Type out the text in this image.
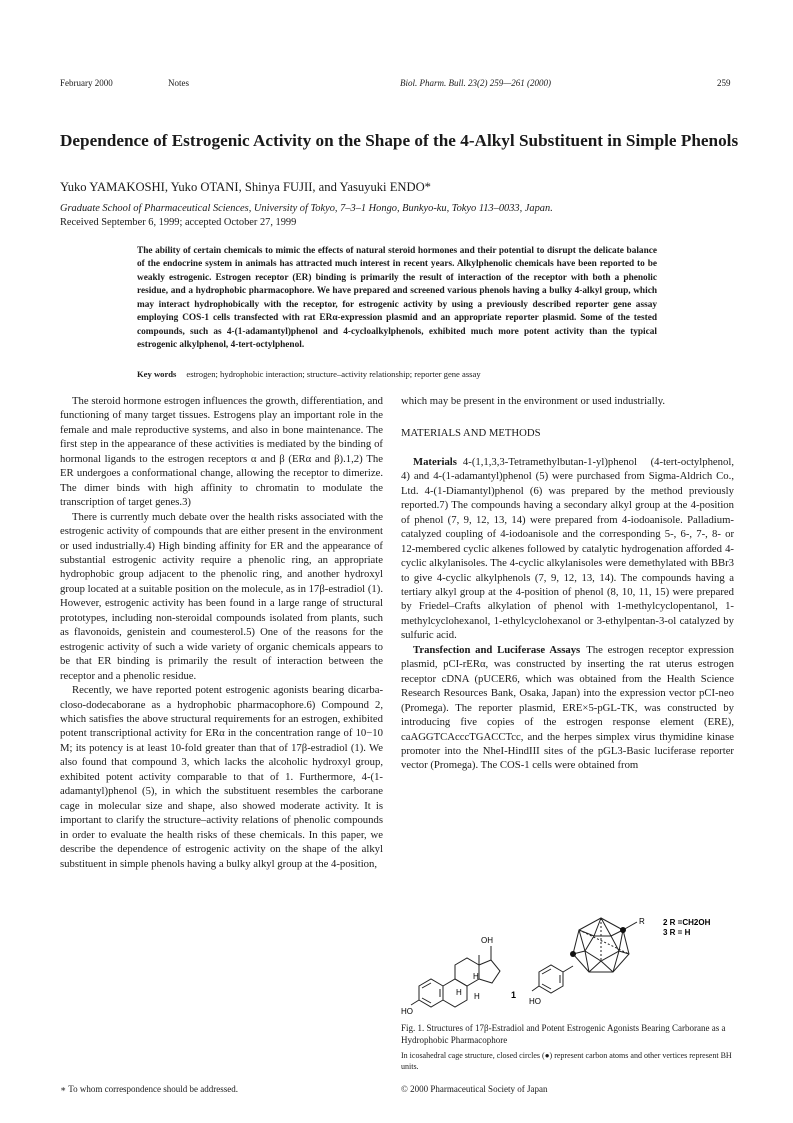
February 2000	Notes	Biol. Pharm. Bull. 23(2) 259—261 (2000)	259
Dependence of Estrogenic Activity on the Shape of the 4-Alkyl Substituent in Simple Phenols
Yuko YAMAKOSHI, Yuko OTANI, Shinya FUJII, and Yasuyuki ENDO*
Graduate School of Pharmaceutical Sciences, University of Tokyo, 7–3–1 Hongo, Bunkyo-ku, Tokyo 113–0033, Japan.
Received September 6, 1999; accepted October 27, 1999
The ability of certain chemicals to mimic the effects of natural steroid hormones and their potential to disrupt the delicate balance of the endocrine system in animals has attracted much interest in recent years. Alkylphenolic chemicals have been reported to be weakly estrogenic. Estrogen receptor (ER) binding is primarily the result of interaction of the receptor with both a phenolic residue, and a hydrophobic pharmacophore. We have prepared and screened various phenols having a bulky 4-alkyl group, which may interact hydrophobically with the receptor, for estrogenic activity by using a previously described reporter gene assay employing COS-1 cells transfected with rat ERα-expression plasmid and an appropriate reporter plasmid. Some of the tested compounds, such as 4-(1-adamantyl)phenol and 4-cycloalkylphenols, exhibited much more potent activity than the typical estrogenic alkylphenol, 4-tert-octylphenol.
Key words estrogen; hydrophobic interaction; structure–activity relationship; reporter gene assay

The steroid hormone estrogen influences the growth, differentiation, and functioning of many target tissues. Estrogens play an important role in the female and male reproductive systems, and also in bone maintenance. The first step in the appearance of these activities is mediated by the binding of hormonal ligands to the estrogen receptors α and β (ERα and β).1,2) The ER undergoes a conformational change, allowing the receptor to dimerize. The dimer binds with high affinity to chromatin to modulate the transcription of target genes.3)

There is currently much debate over the health risks associated with the estrogenic activity of compounds that are either present in the environment or used industrially.4) High binding affinity for ER and the appearance of substantial estrogenic activity require a phenolic ring, an appropriate hydrophobic group adjacent to the phenolic ring, and another hydroxyl group located at a suitable position on the molecule, as in 17β-estradiol (1). However, estrogenic activity has been found in a large range of structural prototypes, including non-steroidal compounds isolated from plants, such as flavonoids, genistein and coumesterol.5) One of the reasons for the estrogenic activity of such a wide variety of organic chemicals appears to be that ER binding is primarily the result of interaction between the receptor and a phenolic residue.

Recently, we have reported potent estrogenic agonists bearing dicarba-closo-dodecaborane as a hydrophobic pharmacophore.6) Compound 2, which satisfies the above structural requirements for an estrogen, exhibited potent transcriptional activity for ERα in the concentration range of 10−10 M; its potency is at least 10-fold greater than that of 17β-estradiol (1). We also found that compound 3, which lacks the alcoholic hydroxyl group, exhibited potent activity comparable to that of 1. Furthermore, 4-(1-adamantyl)phenol (5), in which the substituent resembles the carborane cage in molecular size and shape, also showed moderate activity. It is important to clarify the structure–activity relations of phenolic compounds in order to evaluate the health risks of these chemicals. In this paper, we describe the dependence of estrogenic activity on the shape of the alkyl substituent in simple phenols having a bulky alkyl group at the 4-position,

which may be present in the environment or used industrially.

MATERIALS AND METHODS

Materials 4-(1,1,3,3-Tetramethylbutan-1-yl)phenol (4-tert-octylphenol, 4) and 4-(1-adamantyl)phenol (5) were purchased from Sigma-Aldrich Co., Ltd. 4-(1-Diamantyl)phenol (6) was prepared by the method previously reported.7) The compounds having a secondary alkyl group at the 4-position of phenol (7, 9, 12, 13, 14) were prepared from 4-iodoanisole. Palladium-catalyzed coupling of 4-iodoanisole and the corresponding 5-, 6-, 7-, 8- or 12-membered cyclic alkenes followed by catalytic hydrogenation afforded 4-cyclic alkylanisoles. The 4-cyclic alkylanisoles were demethylated with BBr3 to give 4-cyclic alkylphenols (7, 9, 12, 13, 14). The compounds having a tertiary alkyl group at the 4-position of phenol (8, 10, 11, 15) were prepared by Friedel–Crafts alkylation of phenol with 1-methylcyclopentanol, 1-methylcyclohexanol, 1-ethylcyclohexanol or 3-ethylpentan-3-ol catalyzed by sulfuric acid.

Transfection and Luciferase Assays The estrogen receptor expression plasmid, pCI-rERα, was constructed by inserting the rat uterus estrogen receptor cDNA (pUCER6, which was obtained from the Health Science Research Resources Bank, Osaka, Japan) into the expression vector pCI-neo (Promega). The reporter plasmid, ERE×5-pGL-TK, was constructed by introducing five copies of the estrogen response element (ERE), caAGGTCAcccTGACCTcc, and the herpes simplex virus thymidine kinase promoter into the NheI-HindIII sites of the pGL3-Basic luciferase reporter vector (Promega). The COS-1 cells were obtained from

OH
HO
H
H H	1
HO
R 2 R =CH2OH
3 R = H
Fig. 1. Structures of 17β-Estradiol and Potent Estrogenic Agonists Bearing Carborane as a Hydrophobic Pharmacophore
In icosahedral cage structure, closed circles (●) represent carbon atoms and other vertices represent BH units.
∗ To whom correspondence should be addressed.	© 2000 Pharmaceutical Society of Japan
